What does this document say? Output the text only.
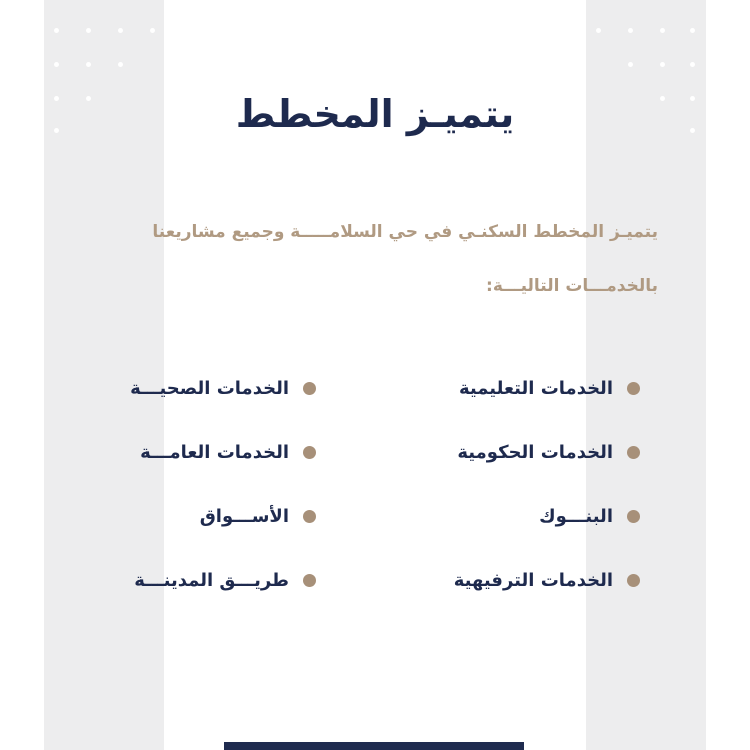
يتميـز المخطط
يتميـز المخطط السكنـي في حي السلامـــــة وجميع مشاريعنا
بالخدمـــات التاليـــة:
الخدمات التعليمية
الخدمات الحكومية
البنـــوك
الخدمات الترفيهية
الخدمات الصحيـــة
الخدمات العامـــة
الأســـواق
طريـــق المدينـــة
